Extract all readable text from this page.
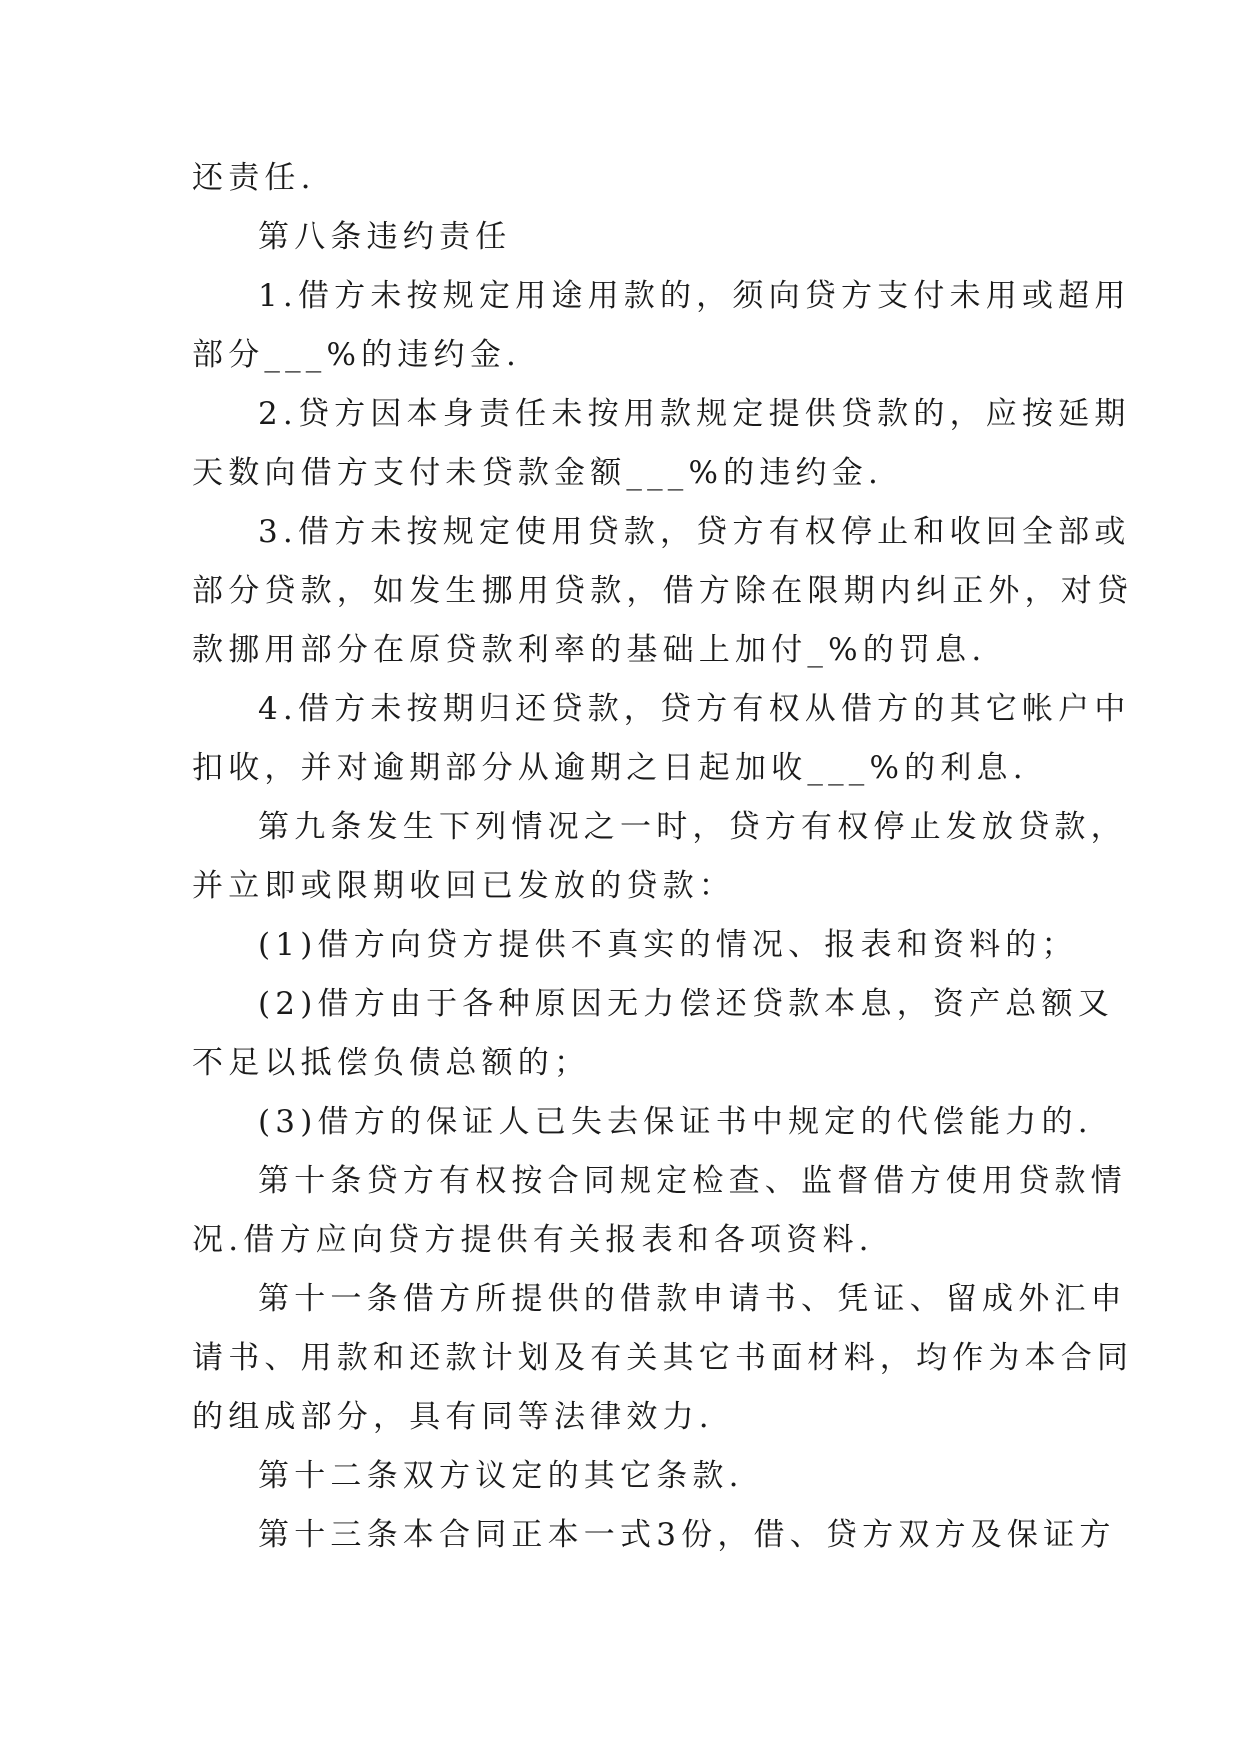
还责任.
第八条违约责任
1.借方未按规定用途用款的，须向贷方支付未用或超用
部分___%的违约金.
2.贷方因本身责任未按用款规定提供贷款的，应按延期
天数向借方支付未贷款金额___%的违约金.
3.借方未按规定使用贷款，贷方有权停止和收回全部或
部分贷款，如发生挪用贷款，借方除在限期内纠正外，对贷
款挪用部分在原贷款利率的基础上加付_%的罚息.
4.借方未按期归还贷款，贷方有权从借方的其它帐户中
扣收，并对逾期部分从逾期之日起加收___%的利息.
第九条发生下列情况之一时，贷方有权停止发放贷款，
并立即或限期收回已发放的贷款：
(1)借方向贷方提供不真实的情况、报表和资料的；
(2)借方由于各种原因无力偿还贷款本息，资产总额又
不足以抵偿负债总额的；
(3)借方的保证人已失去保证书中规定的代偿能力的.
第十条贷方有权按合同规定检查、监督借方使用贷款情
况.借方应向贷方提供有关报表和各项资料.
第十一条借方所提供的借款申请书、凭证、留成外汇申
请书、用款和还款计划及有关其它书面材料，均作为本合同
的组成部分，具有同等法律效力.
第十二条双方议定的其它条款.
第十三条本合同正本一式3份，借、贷方双方及保证方
